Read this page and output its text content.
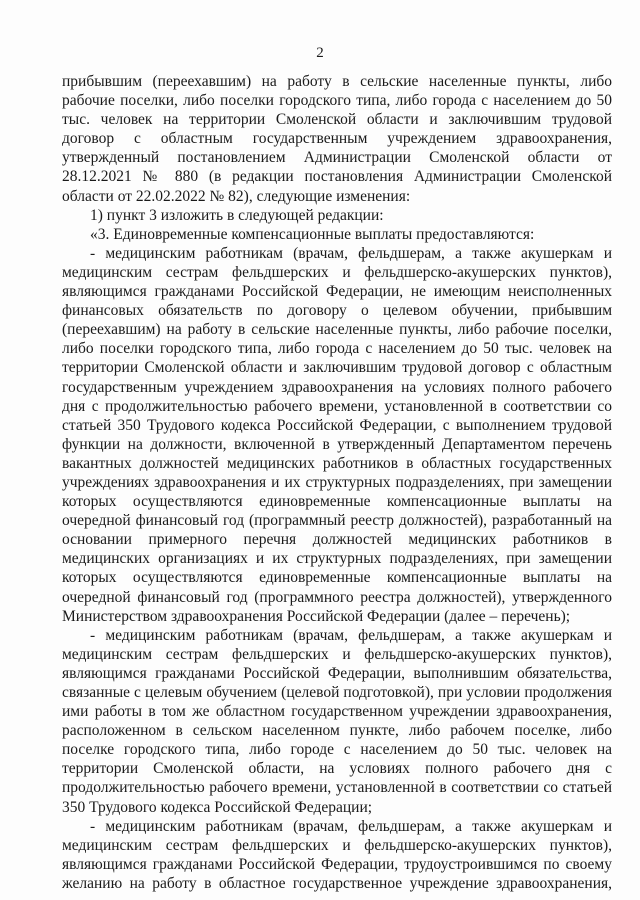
2

прибывшим (переехавшим) на работу в сельские населенные пункты, либо рабочие поселки, либо поселки городского типа, либо города с населением до 50 тыс. человек на территории Смоленской области и заключившим трудовой договор с областным государственным учреждением здравоохранения, утвержденный постановлением Администрации Смоленской области от 28.12.2021 № 880 (в редакции постановления Администрации Смоленской области от 22.02.2022 № 82), следующие изменения:

1) пункт 3 изложить в следующей редакции:

«3. Единовременные компенсационные выплаты предоставляются:

- медицинским работникам (врачам, фельдшерам, а также акушеркам и медицинским сестрам фельдшерских и фельдшерско-акушерских пунктов), являющимся гражданами Российской Федерации, не имеющим неисполненных финансовых обязательств по договору о целевом обучении, прибывшим (переехавшим) на работу в сельские населенные пункты, либо рабочие поселки, либо поселки городского типа, либо города с населением до 50 тыс. человек на территории Смоленской области и заключившим трудовой договор с областным государственным учреждением здравоохранения на условиях полного рабочего дня с продолжительностью рабочего времени, установленной в соответствии со статьей 350 Трудового кодекса Российской Федерации, с выполнением трудовой функции на должности, включенной в утвержденный Департаментом перечень вакантных должностей медицинских работников в областных государственных учреждениях здравоохранения и их структурных подразделениях, при замещении которых осуществляются единовременные компенсационные выплаты на очередной финансовый год (программный реестр должностей), разработанный на основании примерного перечня должностей медицинских работников в медицинских организациях и их структурных подразделениях, при замещении которых осуществляются единовременные компенсационные выплаты на очередной финансовый год (программного реестра должностей), утвержденного Министерством здравоохранения Российской Федерации (далее – перечень);

- медицинским работникам (врачам, фельдшерам, а также акушеркам и медицинским сестрам фельдшерских и фельдшерско-акушерских пунктов), являющимся гражданами Российской Федерации, выполнившим обязательства, связанные с целевым обучением (целевой подготовкой), при условии продолжения ими работы в том же областном государственном учреждении здравоохранения, расположенном в сельском населенном пункте, либо рабочем поселке, либо поселке городского типа, либо городе с населением до 50 тыс. человек на территории Смоленской области, на условиях полного рабочего дня с продолжительностью рабочего времени, установленной в соответствии со статьей 350 Трудового кодекса Российской Федерации;

- медицинским работникам (врачам, фельдшерам, а также акушеркам и медицинским сестрам фельдшерских и фельдшерско-акушерских пунктов), являющимся гражданами Российской Федерации, трудоустроившимся по своему желанию на работу в областное государственное учреждение здравоохранения,
